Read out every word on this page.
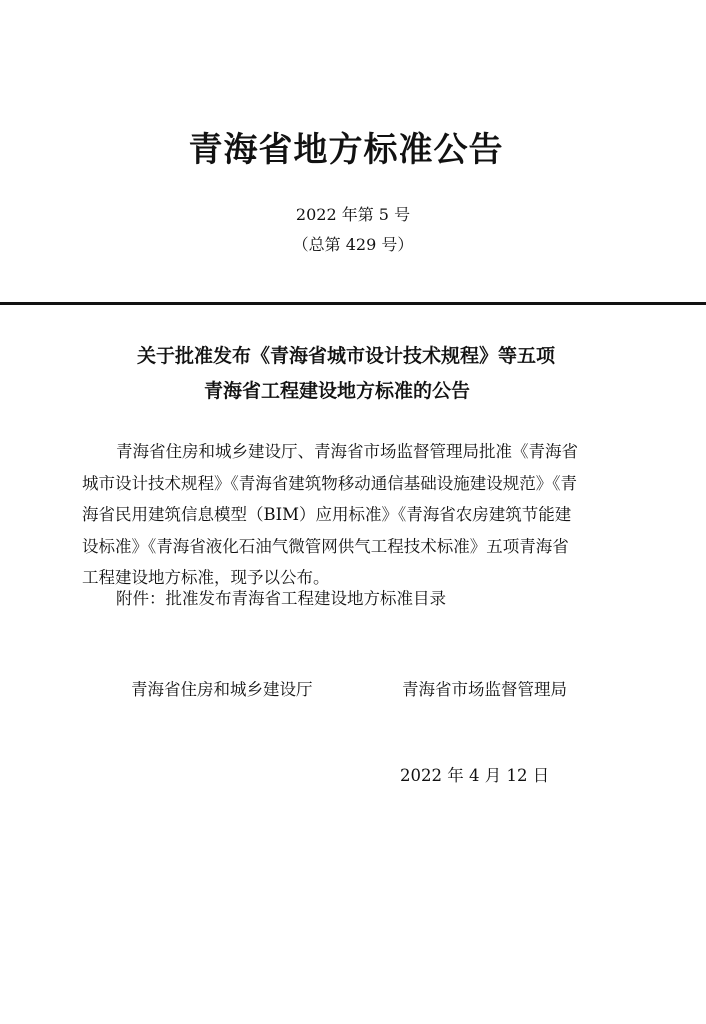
青海省地方标准公告

2022 年第 5 号

（总第 429 号）

关于批准发布《青海省城市设计技术规程》等五项
青海省工程建设地方标准的公告
青海省住房和城乡建设厅、青海省市场监督管理局批准《青海省
城市设计技术规程》《青海省建筑物移动通信基础设施建设规范》《青
海省民用建筑信息模型（BIM）应用标准》《青海省农房建筑节能建
设标准》《青海省液化石油气微管网供气工程技术标准》五项青海省
工程建设地方标准，现予以公布。

附件：批准发布青海省工程建设地方标准目录

青海省住房和城乡建设厅	青海省市场监督管理局

2022 年 4 月 12 日
